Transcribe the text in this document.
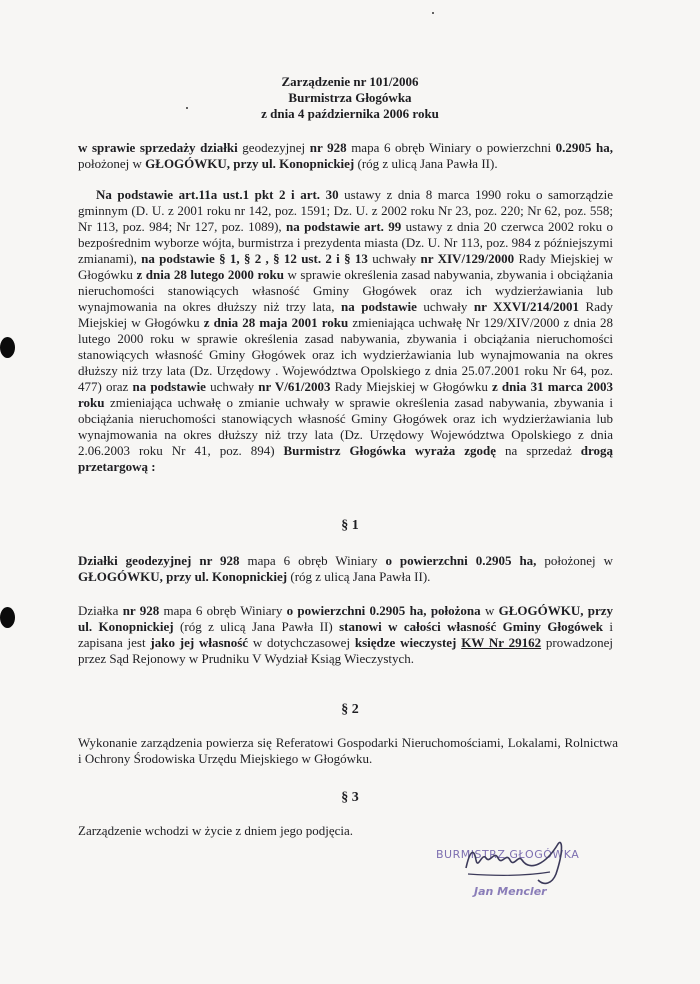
Zarządzenie nr 101/2006
Burmistrza Głogówka
z dnia 4 października 2006 roku
w sprawie sprzedaży działki geodezyjnej nr 928 mapa 6 obręb Winiary o powierzchni 0.2905 ha, położonej w GŁOGÓWKU, przy ul. Konopnickiej (róg z ulicą Jana Pawła II).
Na podstawie art.11a ust.1 pkt 2 i art. 30 ustawy z dnia 8 marca 1990 roku o samorządzie gminnym (D. U. z 2001 roku nr 142, poz. 1591; Dz. U. z 2002 roku Nr 23, poz. 220; Nr 62, poz. 558; Nr 113, poz. 984; Nr 127, poz. 1089), na podstawie art. 99 ustawy z dnia 20 czerwca 2002 roku o bezpośrednim wyborze wójta, burmistrza i prezydenta miasta (Dz. U. Nr 113, poz. 984 z późniejszymi zmianami), na podstawie § 1, § 2 , § 12 ust. 2 i § 13 uchwały nr XIV/129/2000 Rady Miejskiej w Głogówku z dnia 28 lutego 2000 roku w sprawie określenia zasad nabywania, zbywania i obciążania nieruchomości stanowiących własność Gminy Głogówek oraz ich wydzierżawiania lub wynajmowania na okres dłuższy niż trzy lata, na podstawie uchwały nr XXVI/214/2001 Rady Miejskiej w Głogówku z dnia 28 maja 2001 roku zmieniająca uchwałę Nr 129/XIV/2000 z dnia 28 lutego 2000 roku w sprawie określenia zasad nabywania, zbywania i obciążania nieruchomości stanowiących własność Gminy Głogówek oraz ich wydzierżawiania lub wynajmowania na okres dłuższy niż trzy lata (Dz. Urzędowy . Województwa Opolskiego z dnia 25.07.2001 roku Nr 64, poz. 477) oraz na podstawie uchwały nr V/61/2003 Rady Miejskiej w Głogówku z dnia 31 marca 2003 roku zmieniająca uchwałę o zmianie uchwały w sprawie określenia zasad nabywania, zbywania i obciążania nieruchomości stanowiących własność Gminy Głogówek oraz ich wydzierżawiania lub wynajmowania na okres dłuższy niż trzy lata (Dz. Urzędowy Województwa Opolskiego z dnia 2.06.2003 roku Nr 41, poz. 894) Burmistrz Głogówka wyraża zgodę na sprzedaż drogą przetargową :
§ 1
Działki geodezyjnej nr 928 mapa 6 obręb Winiary o powierzchni 0.2905 ha, położonej w GŁOGÓWKU, przy ul. Konopnickiej (róg z ulicą Jana Pawła II).
Działka nr 928 mapa 6 obręb Winiary o powierzchni 0.2905 ha, położona w GŁOGÓWKU, przy ul. Konopnickiej (róg z ulicą Jana Pawła II) stanowi w całości własność Gminy Głogówek i zapisana jest jako jej własność w dotychczasowej księdze wieczystej KW Nr 29162 prowadzonej przez Sąd Rejonowy w Prudniku V Wydział Ksiąg Wieczystych.
§ 2
Wykonanie zarządzenia powierza się Referatowi Gospodarki Nieruchomościami, Lokalami, Rolnictwa i Ochrony Środowiska Urzędu Miejskiego w Głogówku.
§ 3
Zarządzenie wchodzi w życie z dniem jego podjęcia.
BURMISTRZ GŁOGÓWKA
Jan Mencler
